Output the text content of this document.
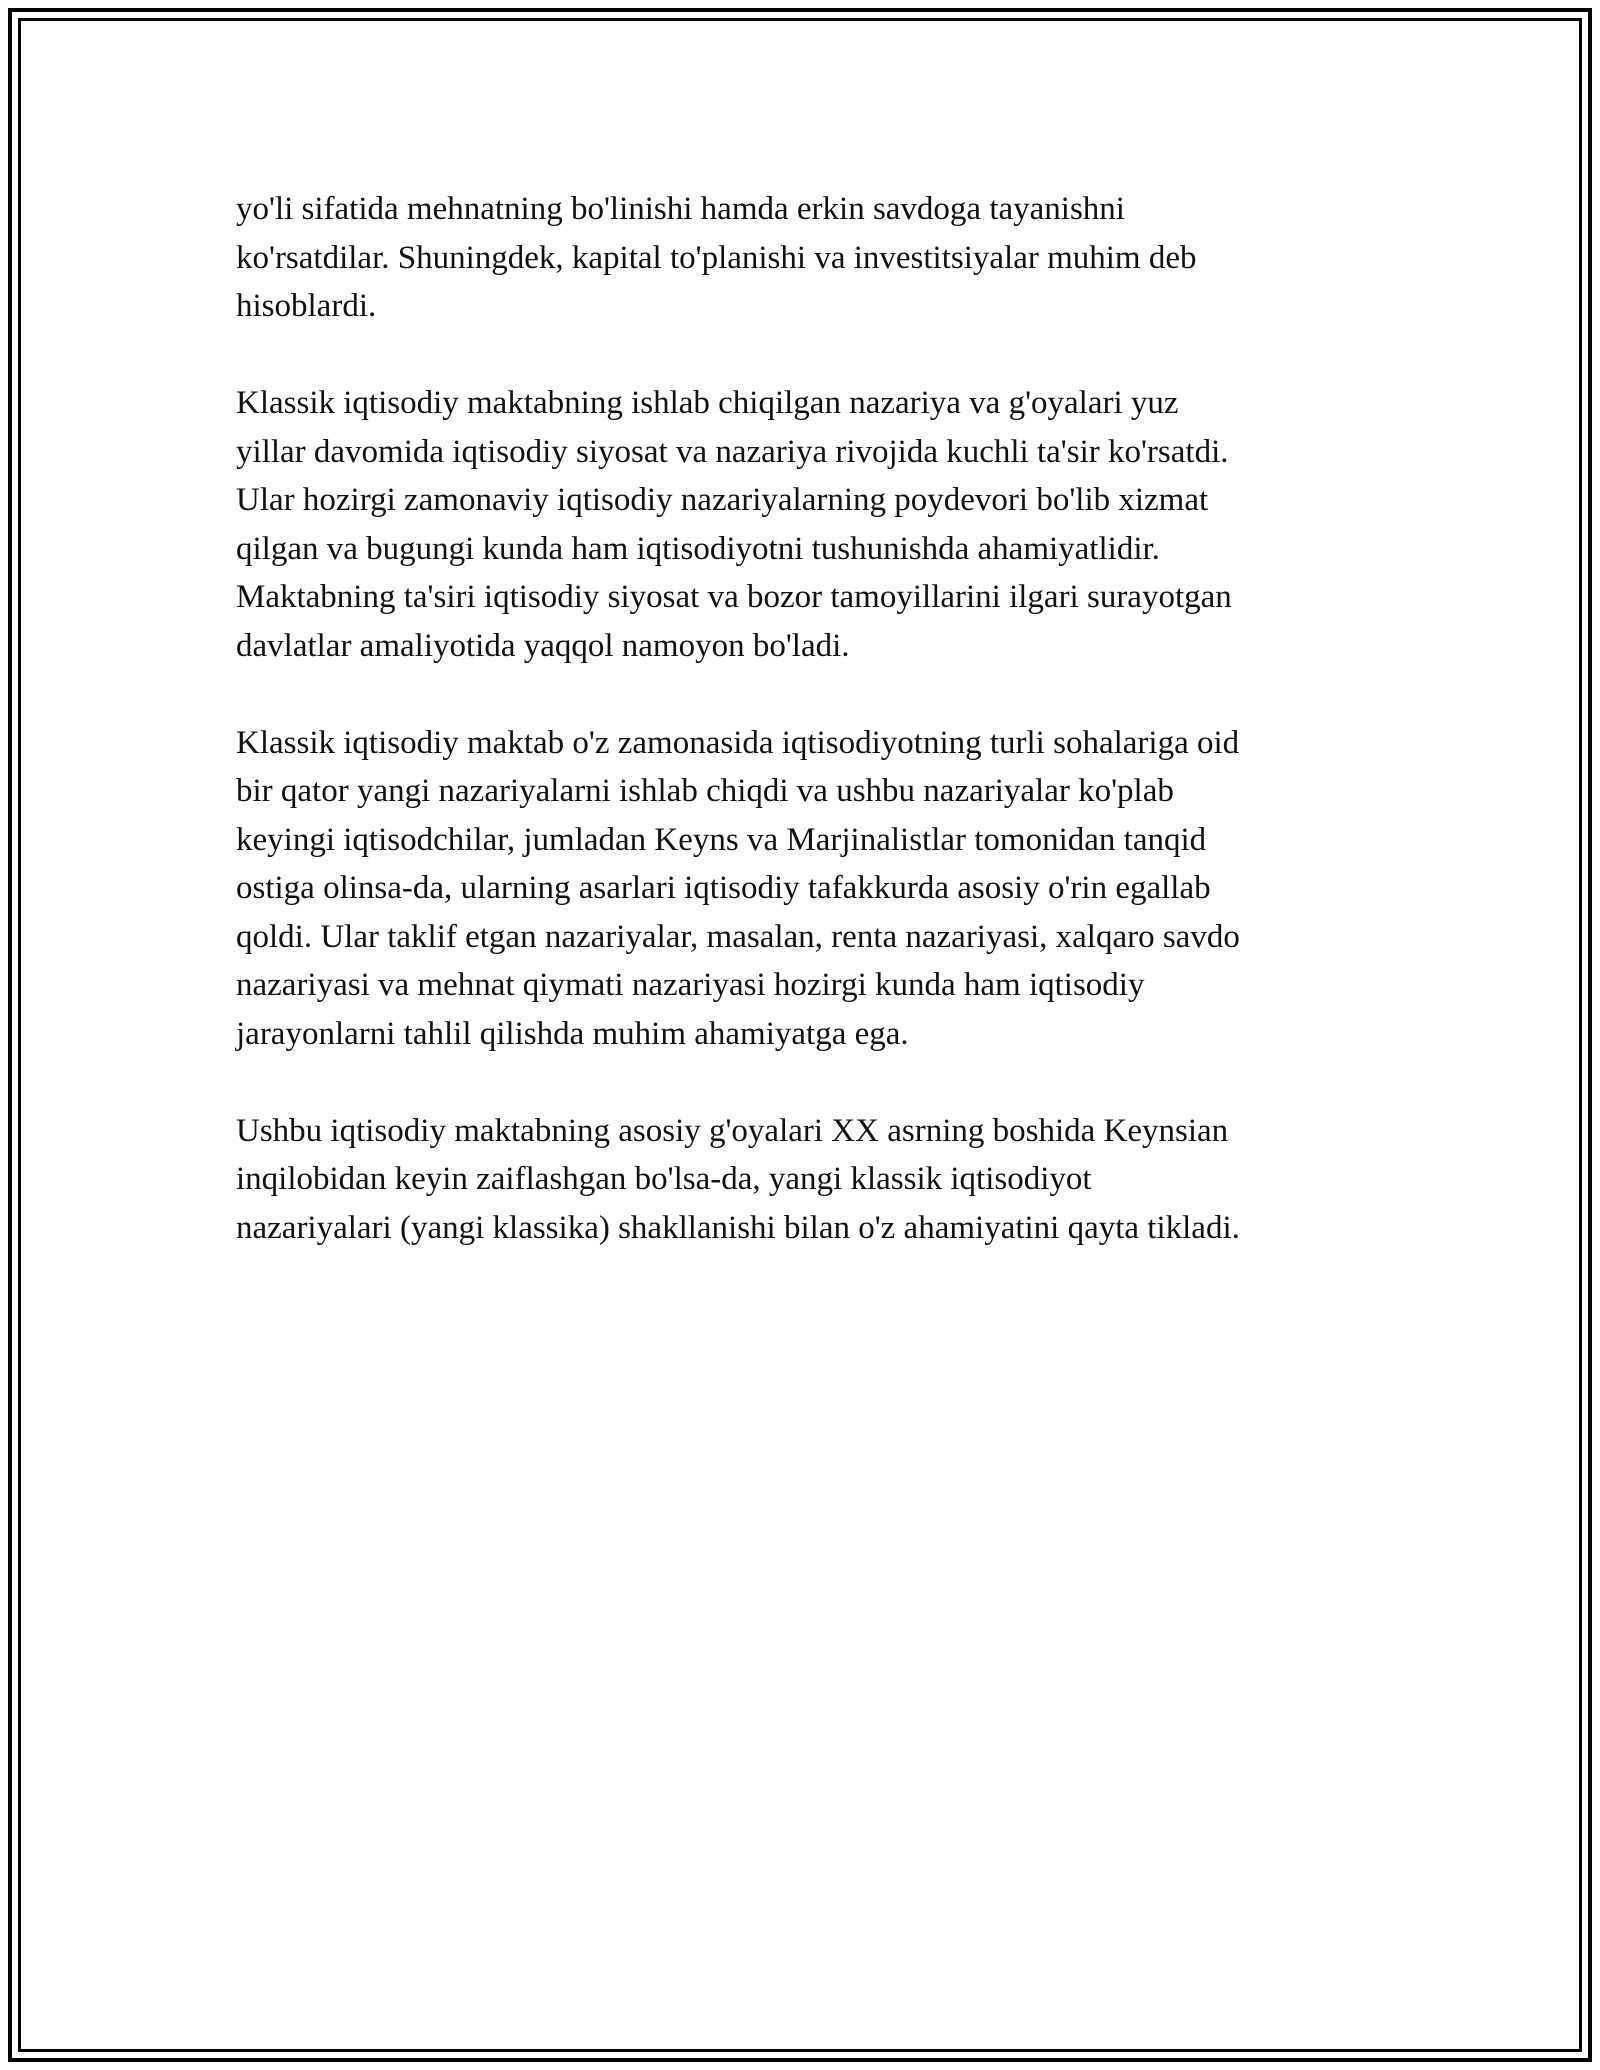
yo'li sifatida mehnatning bo'linishi hamda erkin savdoga tayanishni
ko'rsatdilar. Shuningdek, kapital to'planishi va investitsiyalar muhim deb
hisoblardi.

Klassik iqtisodiy maktabning ishlab chiqilgan nazariya va g'oyalari yuz
yillar davomida iqtisodiy siyosat va nazariya rivojida kuchli ta'sir ko'rsatdi.
Ular hozirgi zamonaviy iqtisodiy nazariyalarning poydevori bo'lib xizmat
qilgan va bugungi kunda ham iqtisodiyotni tushunishda ahamiyatlidir.
Maktabning ta'siri iqtisodiy siyosat va bozor tamoyillarini ilgari surayotgan
davlatlar amaliyotida yaqqol namoyon bo'ladi.

Klassik iqtisodiy maktab o'z zamonasida iqtisodiyotning turli sohalariga oid
bir qator yangi nazariyalarni ishlab chiqdi va ushbu nazariyalar ko'plab
keyingi iqtisodchilar, jumladan Keyns va Marjinalistlar tomonidan tanqid
ostiga olinsa-da, ularning asarlari iqtisodiy tafakkurda asosiy o'rin egallab
qoldi. Ular taklif etgan nazariyalar, masalan, renta nazariyasi, xalqaro savdo
nazariyasi va mehnat qiymati nazariyasi hozirgi kunda ham iqtisodiy
jarayonlarni tahlil qilishda muhim ahamiyatga ega.

Ushbu iqtisodiy maktabning asosiy g'oyalari XX asrning boshida Keynsian
inqilobidan keyin zaiflashgan bo'lsa-da, yangi klassik iqtisodiyot
nazariyalari (yangi klassika) shakllanishi bilan o'z ahamiyatini qayta tikladi.
